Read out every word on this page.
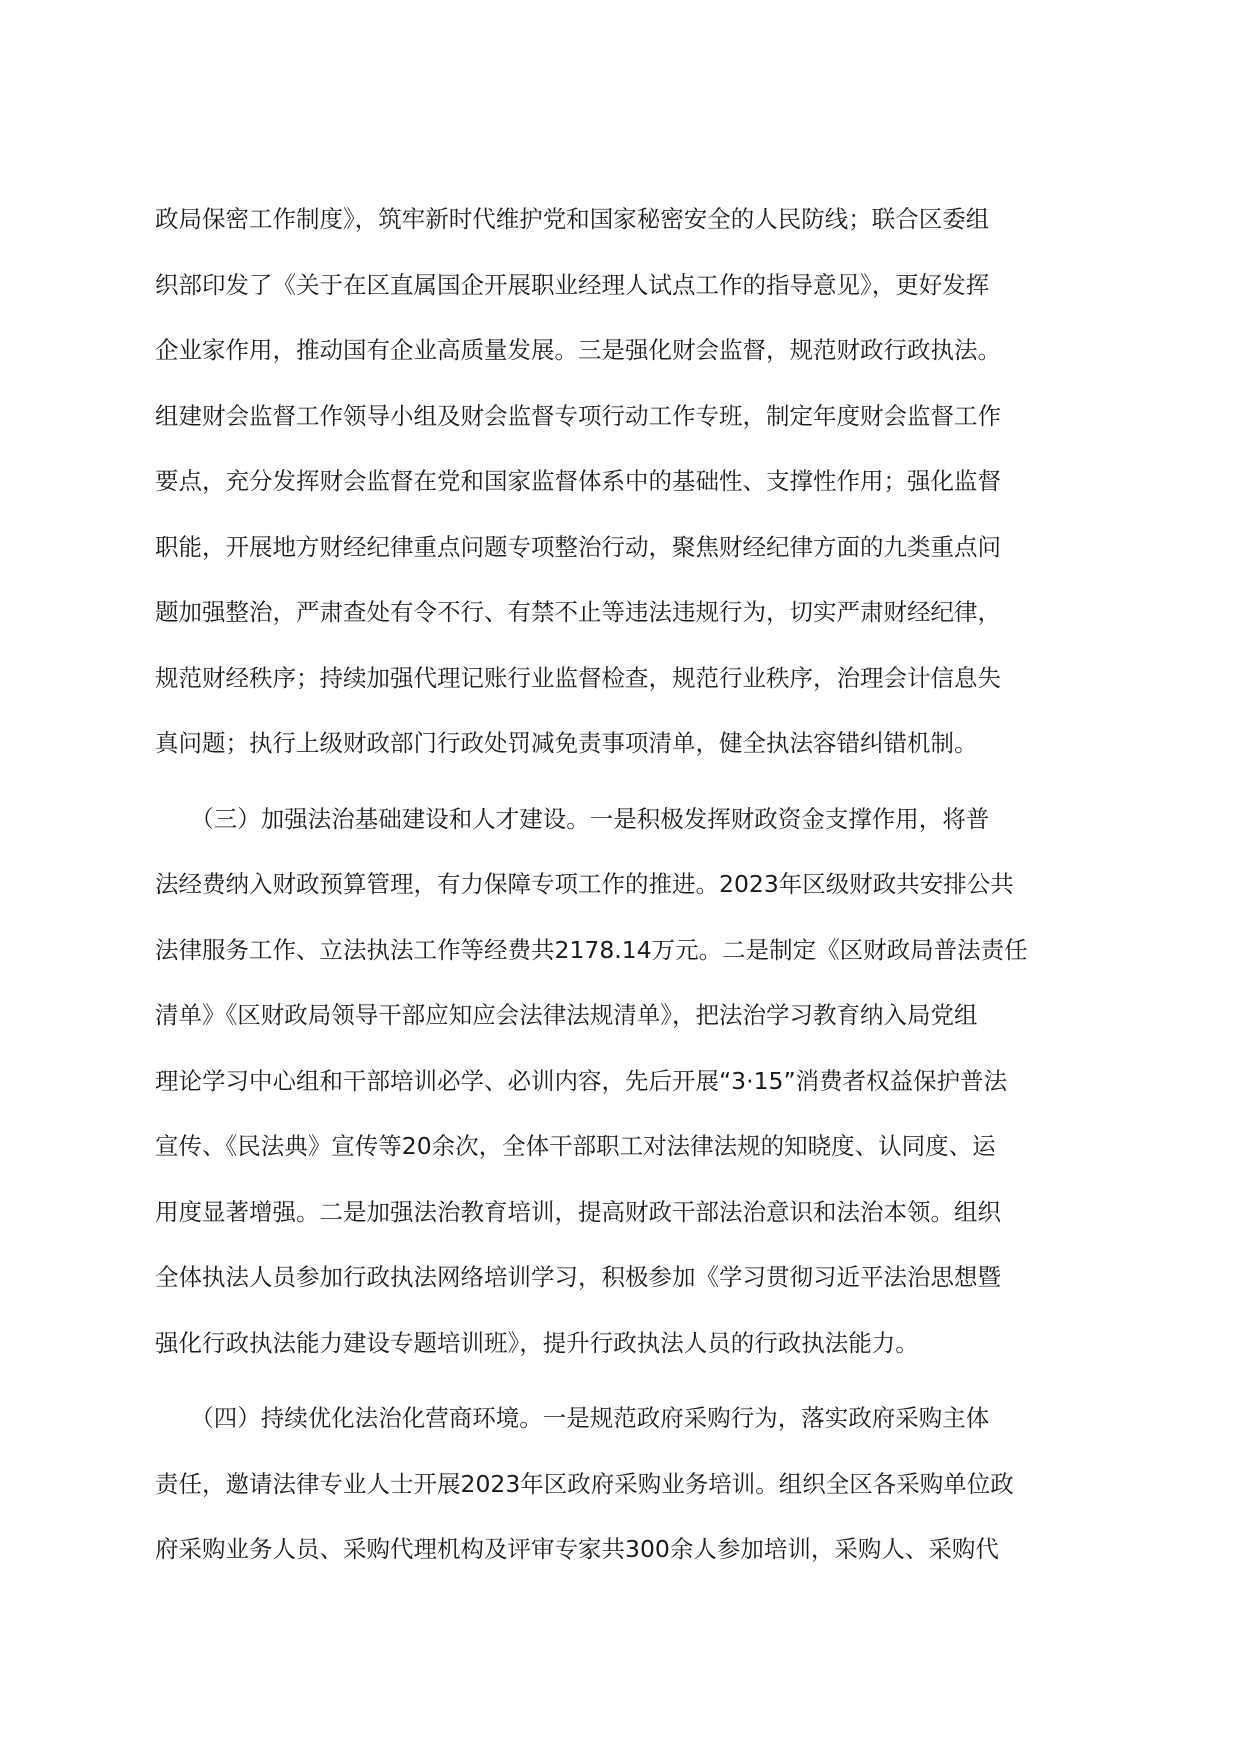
政局保密工作制度》，筑牢新时代维护党和国家秘密安全的人民防线；联合区委组
织部印发了《关于在区直属国企开展职业经理人试点工作的指导意见》，更好发挥
企业家作用，推动国有企业高质量发展。三是强化财会监督，规范财政行政执法。
组建财会监督工作领导小组及财会监督专项行动工作专班，制定年度财会监督工作
要点，充分发挥财会监督在党和国家监督体系中的基础性、支撑性作用；强化监督
职能，开展地方财经纪律重点问题专项整治行动，聚焦财经纪律方面的九类重点问
题加强整治，严肃查处有令不行、有禁不止等违法违规行为，切实严肃财经纪律，
规范财经秩序；持续加强代理记账行业监督检查，规范行业秩序，治理会计信息失
真问题；执行上级财政部门行政处罚减免责事项清单，健全执法容错纠错机制。
　　（三）加强法治基础建设和人才建设。一是积极发挥财政资金支撑作用，将普
法经费纳入财政预算管理，有力保障专项工作的推进。2023年区级财政共安排公共
法律服务工作、立法执法工作等经费共2178.14万元。二是制定《区财政局普法责任
清单》《区财政局领导干部应知应会法律法规清单》，把法治学习教育纳入局党组
理论学习中心组和干部培训必学、必训内容，先后开展“3·15”消费者权益保护普法
宣传、《民法典》宣传等20余次，全体干部职工对法律法规的知晓度、认同度、运
用度显著增强。二是加强法治教育培训，提高财政干部法治意识和法治本领。组织
全体执法人员参加行政执法网络培训学习，积极参加《学习贯彻习近平法治思想暨
强化行政执法能力建设专题培训班》，提升行政执法人员的行政执法能力。
　　（四）持续优化法治化营商环境。一是规范政府采购行为，落实政府采购主体
责任，邀请法律专业人士开展2023年区政府采购业务培训。组织全区各采购单位政
府采购业务人员、采购代理机构及评审专家共300余人参加培训，采购人、采购代
